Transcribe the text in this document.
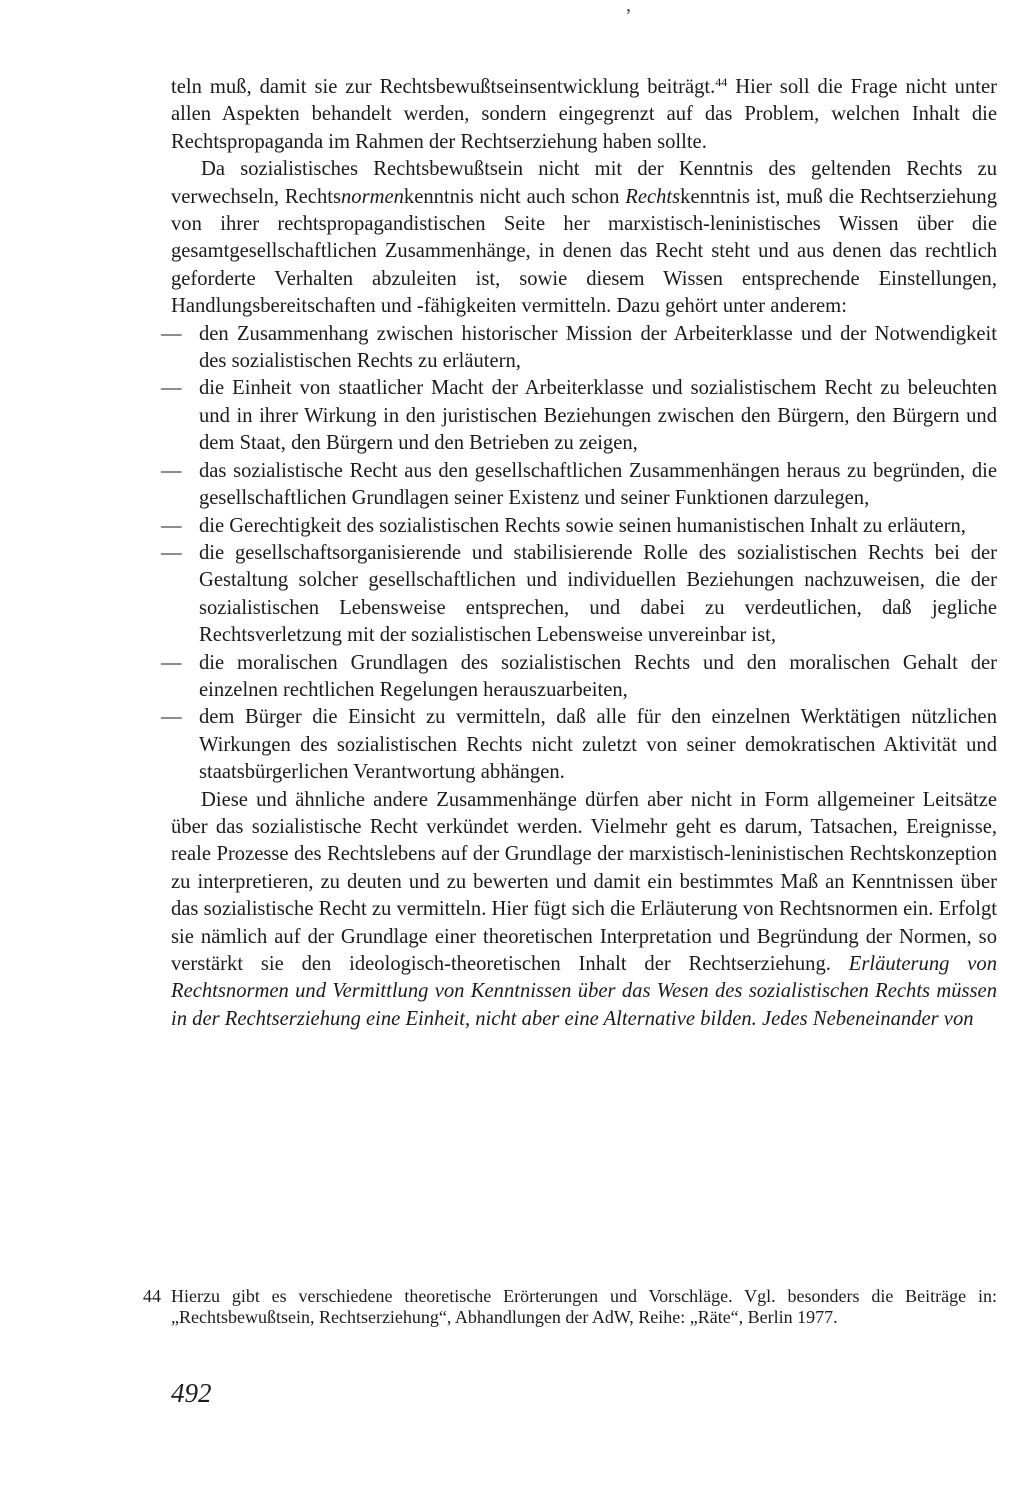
,

teln muß, damit sie zur Rechtsbewußtseinsentwicklung beiträgt.$^{44}$ Hier soll die Frage nicht unter allen Aspekten behandelt werden, sondern eingegrenzt auf das Problem, welchen Inhalt die Rechtspropaganda im Rahmen der Rechtserziehung haben sollte.

Da sozialistisches Rechtsbewußtsein nicht mit der Kenntnis des geltenden Rechts zu verwechseln, Rechtsnormenkenntnis nicht auch schon Rechtskenntnis ist, muß die Rechtserziehung von ihrer rechtspropagandistischen Seite her marxistisch-leninistisches Wissen über die gesamtgesellschaftlichen Zusammenhänge, in denen das Recht steht und aus denen das rechtlich geforderte Verhalten abzuleiten ist, sowie diesem Wissen entsprechende Einstellungen, Handlungsbereitschaften und -fähigkeiten vermitteln. Dazu gehört unter anderem:

— den Zusammenhang zwischen historischer Mission der Arbeiterklasse und der Notwendigkeit des sozialistischen Rechts zu erläutern,
— die Einheit von staatlicher Macht der Arbeiterklasse und sozialistischem Recht zu beleuchten und in ihrer Wirkung in den juristischen Beziehungen zwischen den Bürgern, den Bürgern und dem Staat, den Bürgern und den Betrieben zu zeigen,
— das sozialistische Recht aus den gesellschaftlichen Zusammenhängen heraus zu begründen, die gesellschaftlichen Grundlagen seiner Existenz und seiner Funktionen darzulegen,
— die Gerechtigkeit des sozialistischen Rechts sowie seinen humanistischen Inhalt zu erläutern,
— die gesellschaftsorganisierende und stabilisierende Rolle des sozialistischen Rechts bei der Gestaltung solcher gesellschaftlichen und individuellen Beziehungen nachzuweisen, die der sozialistischen Lebensweise entsprechen, und dabei zu verdeutlichen, daß jegliche Rechtsverletzung mit der sozialistischen Lebensweise unvereinbar ist,
— die moralischen Grundlagen des sozialistischen Rechts und den moralischen Gehalt der einzelnen rechtlichen Regelungen herauszuarbeiten,
— dem Bürger die Einsicht zu vermitteln, daß alle für den einzelnen Werktätigen nützlichen Wirkungen des sozialistischen Rechts nicht zuletzt von seiner demokratischen Aktivität und staatsbürgerlichen Verantwortung abhängen.

Diese und ähnliche andere Zusammenhänge dürfen aber nicht in Form allgemeiner Leitsätze über das sozialistische Recht verkündet werden. Vielmehr geht es darum, Tatsachen, Ereignisse, reale Prozesse des Rechtslebens auf der Grundlage der marxistisch-leninistischen Rechtskonzeption zu interpretieren, zu deuten und zu bewerten und damit ein bestimmtes Maß an Kenntnissen über das sozialistische Recht zu vermitteln. Hier fügt sich die Erläuterung von Rechtsnormen ein. Erfolgt sie nämlich auf der Grundlage einer theoretischen Interpretation und Begründung der Normen, so verstärkt sie den ideologisch-theoretischen Inhalt der Rechtserziehung. Erläuterung von Rechtsnormen und Vermittlung von Kenntnissen über das Wesen des sozialistischen Rechts müssen in der Rechtserziehung eine Einheit, nicht aber eine Alternative bilden. Jedes Nebeneinander von

44 Hierzu gibt es verschiedene theoretische Erörterungen und Vorschläge. Vgl. besonders die Beiträge in: „Rechtsbewußtsein, Rechtserziehung“, Abhandlungen der AdW, Reihe: „Räte“, Berlin 1977.
492
